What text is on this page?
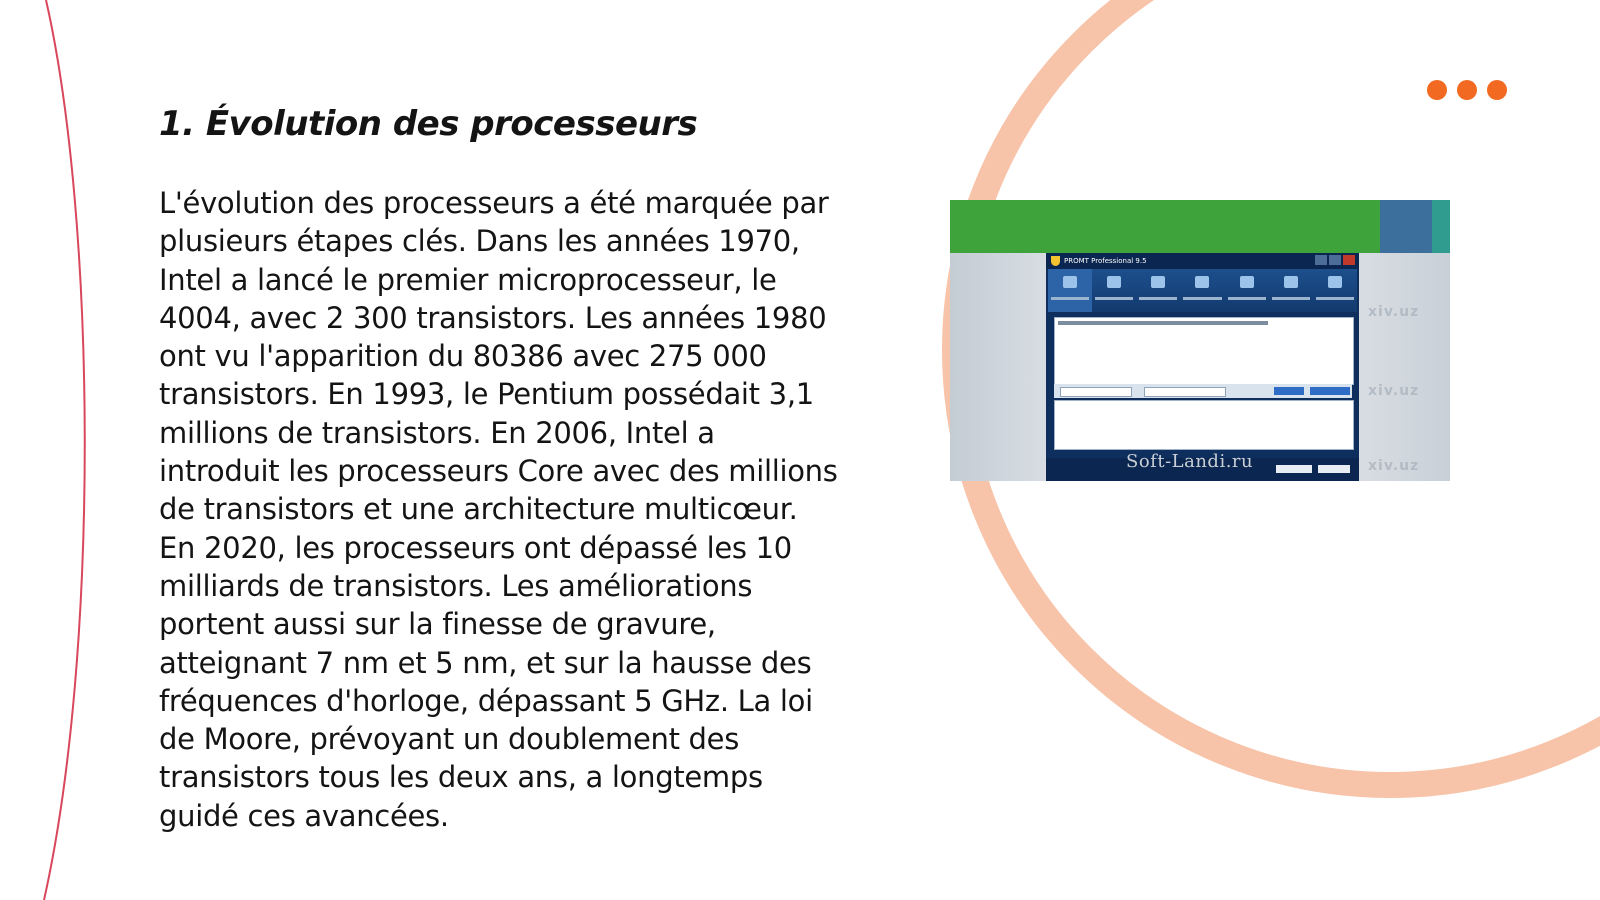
1. Évolution des processeurs

L'évolution des processeurs a été marquée par plusieurs étapes clés. Dans les années 1970, Intel a lancé le premier microprocesseur, le 4004, avec 2 300 transistors. Les années 1980 ont vu l'apparition du 80386 avec 275 000 transistors. En 1993, le Pentium possédait 3,1 millions de transistors. En 2006, Intel a introduit les processeurs Core avec des millions de transistors et une architecture multicœur. En 2020, les processeurs ont dépassé les 10 milliards de transistors. Les améliorations portent aussi sur la finesse de gravure, atteignant 7 nm et 5 nm, et sur la hausse des fréquences d'horloge, dépassant 5 GHz. La loi de Moore, prévoyant un doublement des transistors tous les deux ans, a longtemps guidé ces avancées.

xiv.uz
xiv.uz
xiv.uz
PROMT Professional 9.5
Soft-Landi.ru
